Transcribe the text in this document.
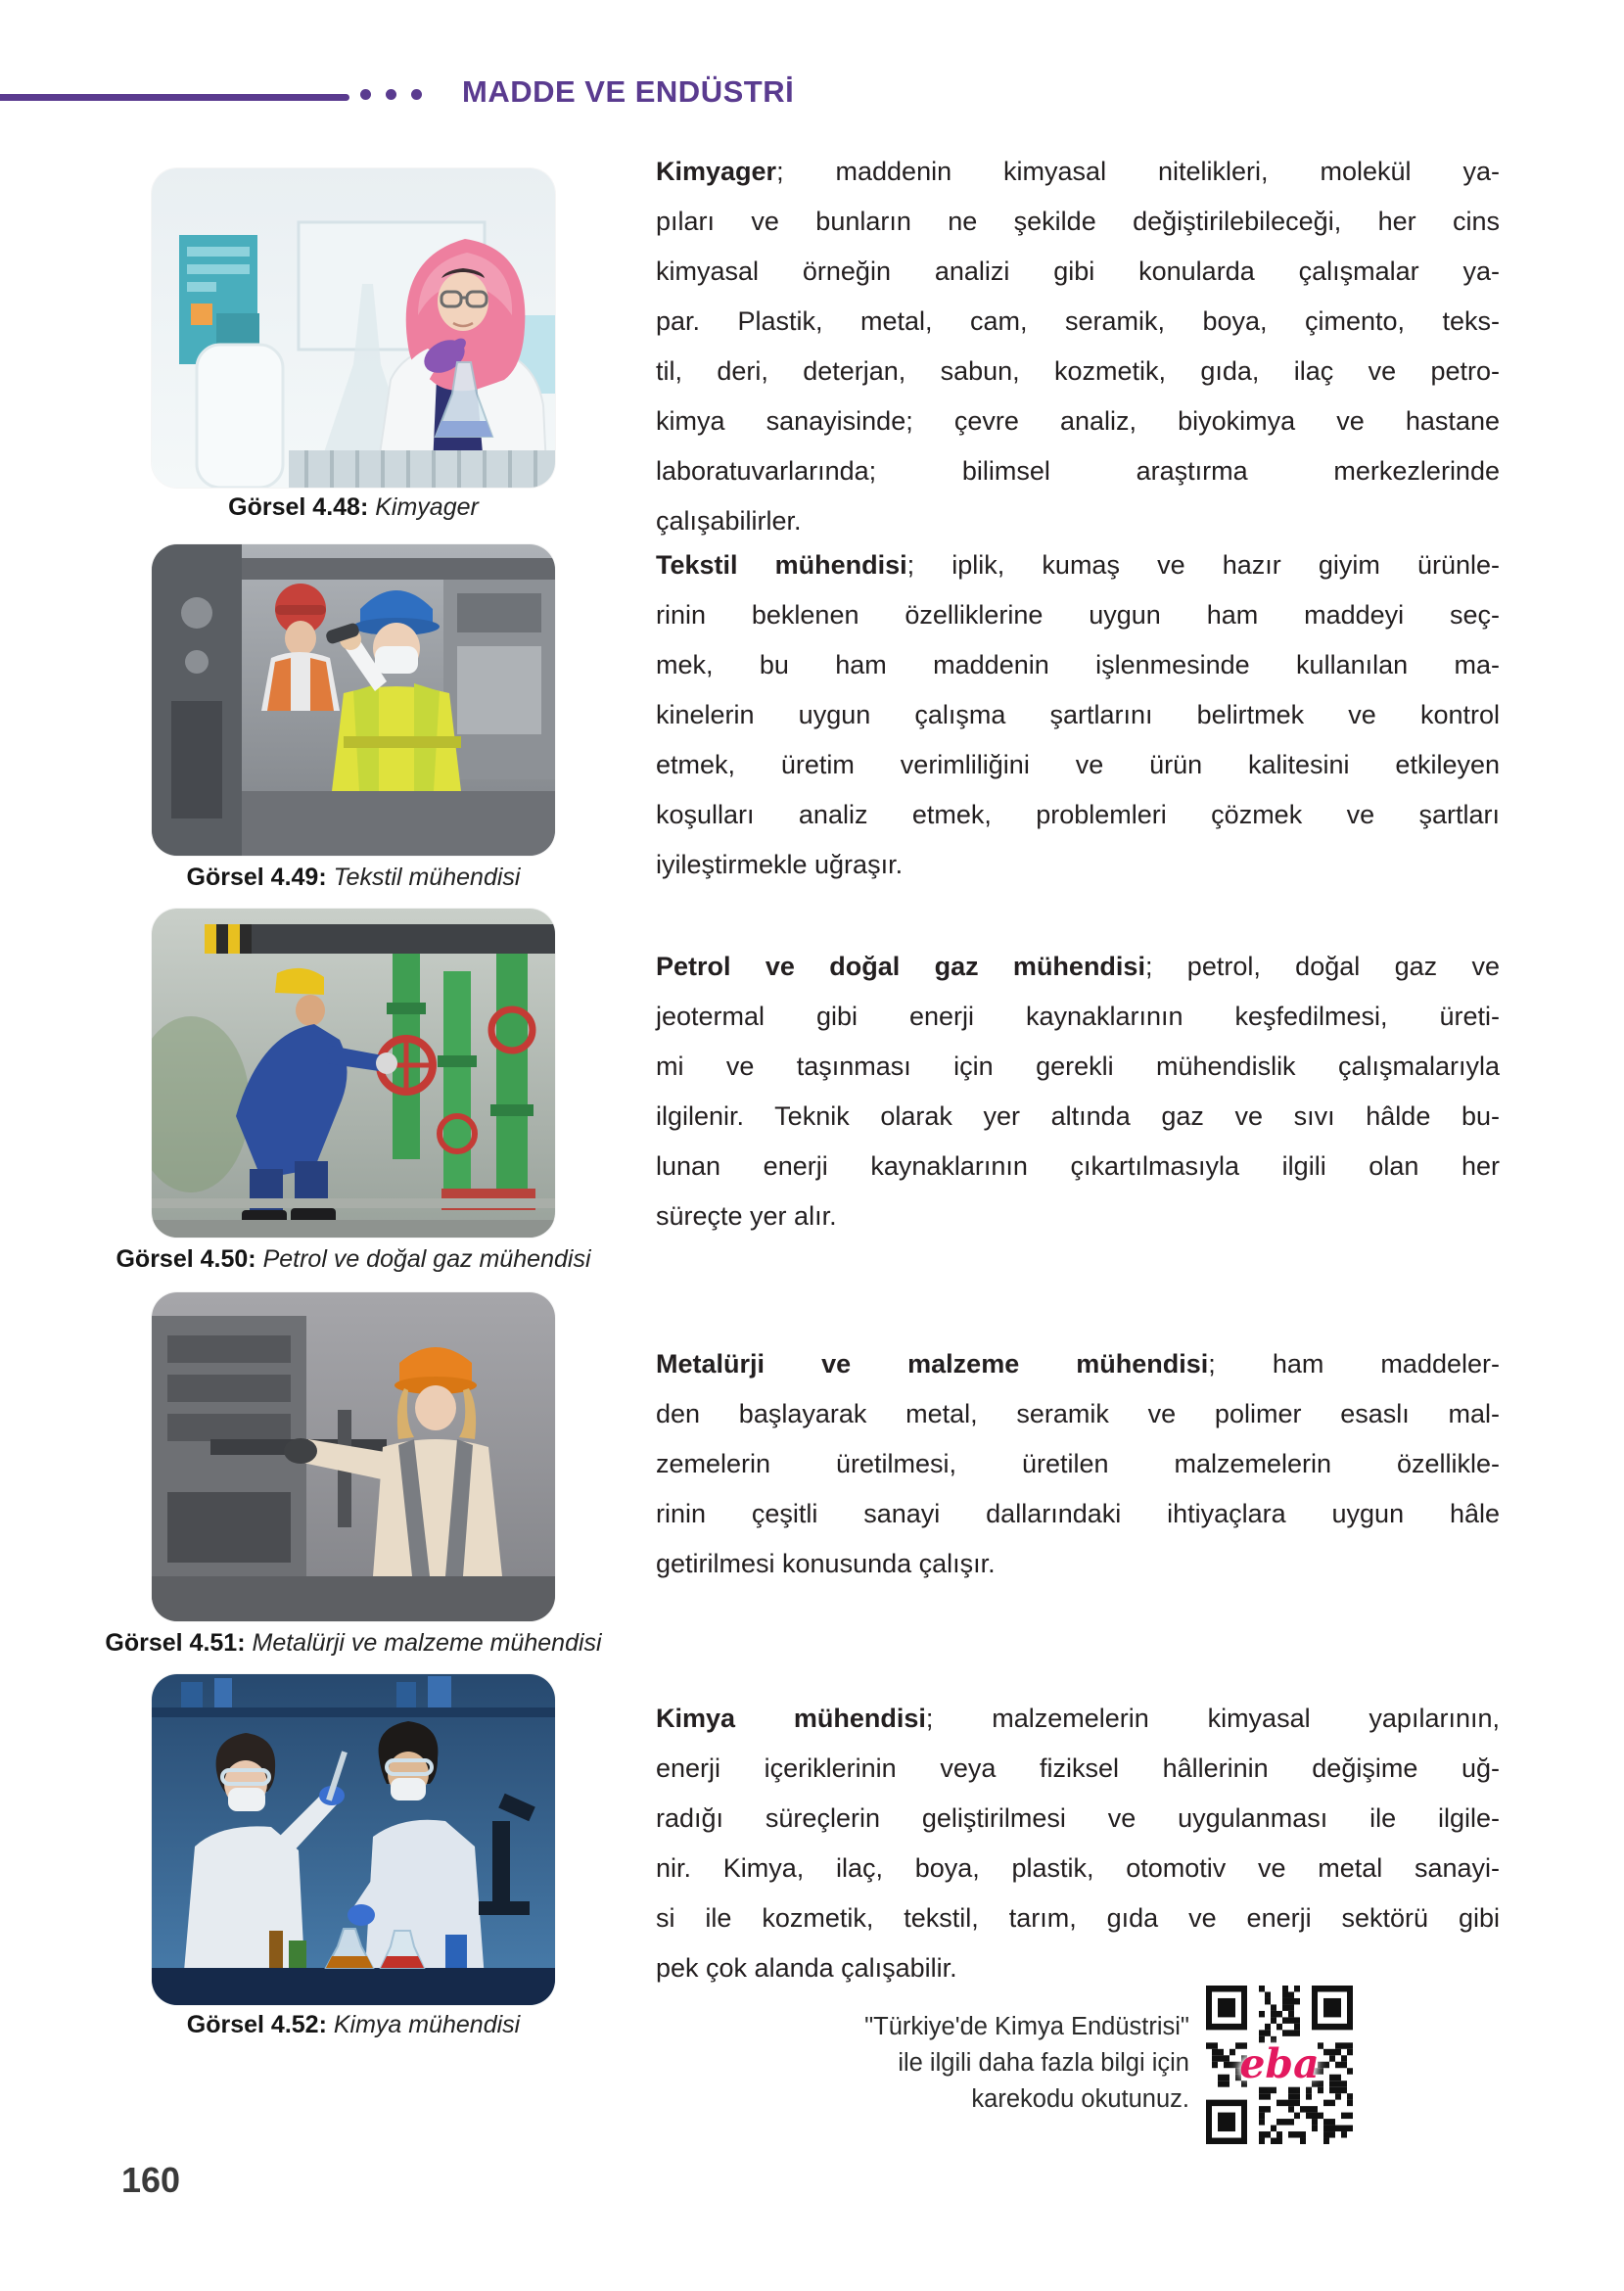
MADDE VE ENDÜSTRİ
Görsel 4.48: Kimyager
Kimyager; maddenin kimyasal nitelikleri, molekül ya-
pıları ve bunların ne şekilde değiştirilebileceği, her cins
kimyasal örneğin analizi gibi konularda çalışmalar ya-
par. Plastik, metal, cam, seramik, boya, çimento, teks-
til, deri, deterjan, sabun, kozmetik, gıda, ilaç ve petro-
kimya sanayisinde; çevre analiz, biyokimya ve hastane
laboratuvarlarında; bilimsel araştırma merkezlerinde
çalışabilirler.
Görsel 4.49: Tekstil mühendisi
Tekstil mühendisi; iplik, kumaş ve hazır giyim ürünle-
rinin beklenen özelliklerine uygun ham maddeyi seç-
mek, bu ham maddenin işlenmesinde kullanılan ma-
kinelerin uygun çalışma şartlarını belirtmek ve kontrol
etmek, üretim verimliliğini ve ürün kalitesini etkileyen
koşulları analiz etmek, problemleri çözmek ve şartları
iyileştirmekle uğraşır.
Görsel 4.50: Petrol ve doğal gaz mühendisi
Petrol ve doğal gaz mühendisi; petrol, doğal gaz ve
jeotermal gibi enerji kaynaklarının keşfedilmesi, üreti-
mi ve taşınması için gerekli mühendislik çalışmalarıyla
ilgilenir. Teknik olarak yer altında gaz ve sıvı hâlde bu-
lunan enerji kaynaklarının çıkartılmasıyla ilgili olan her
süreçte yer alır.
Görsel 4.51: Metalürji ve malzeme mühendisi
Metalürji ve malzeme mühendisi; ham maddeler-
den başlayarak metal, seramik ve polimer esaslı mal-
zemelerin üretilmesi, üretilen malzemelerin özellikle-
rinin çeşitli sanayi dallarındaki ihtiyaçlara uygun hâle
getirilmesi konusunda çalışır.
Görsel 4.52: Kimya mühendisi
Kimya mühendisi; malzemelerin kimyasal yapılarının,
enerji içeriklerinin veya fiziksel hâllerinin değişime uğ-
radığı süreçlerin geliştirilmesi ve uygulanması ile ilgile-
nir. Kimya, ilaç, boya, plastik, otomotiv ve metal sanayi-
si ile kozmetik, tekstil, tarım, gıda ve enerji sektörü gibi
pek çok alanda çalışabilir.
"Türkiye'de Kimya Endüstrisi"
ile ilgili daha fazla bilgi için
karekodu okutunuz.
eba
160
